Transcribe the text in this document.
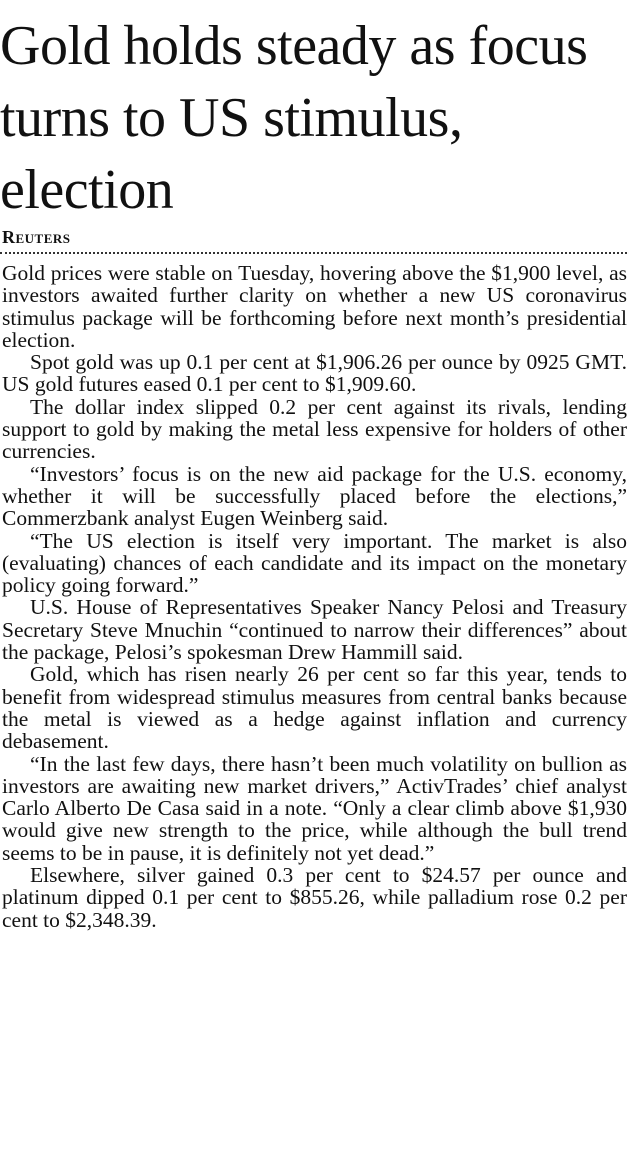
Gold holds steady as focus turns to US stimulus, election
Reuters

Gold prices were stable on Tuesday, hovering above the $1,900 level, as investors awaited further clarity on whether a new US coronavirus stimulus package will be forthcoming before next month’s presidential election.

Spot gold was up 0.1 per cent at $1,906.26 per ounce by 0925 GMT. US gold futures eased 0.1 per cent to $1,909.60.

The dollar index slipped 0.2 per cent against its rivals, lending support to gold by making the metal less expensive for holders of other currencies.

“Investors’ focus is on the new aid package for the U.S. economy, whether it will be successfully placed before the elections,” Commerzbank analyst Eugen Weinberg said.

“The US election is itself very important. The market is also (evaluating) chances of each candidate and its impact on the monetary policy going forward.”

U.S. House of Representatives Speaker Nancy Pelosi and Treasury Secretary Steve Mnuchin “continued to narrow their differences” about the package, Pelosi’s spokesman Drew Hammill said.

Gold, which has risen nearly 26 per cent so far this year, tends to benefit from widespread stimulus measures from central banks because the metal is viewed as a hedge against inflation and currency debasement.

“In the last few days, there hasn’t been much volatility on bullion as investors are awaiting new market drivers,” ActivTrades’ chief analyst Carlo Alberto De Casa said in a note. “Only a clear climb above $1,930 would give new strength to the price, while although the bull trend seems to be in pause, it is definitely not yet dead.”

Elsewhere, silver gained 0.3 per cent to $24.57 per ounce and platinum dipped 0.1 per cent to $855.26, while palladium rose 0.2 per cent to $2,348.39.
